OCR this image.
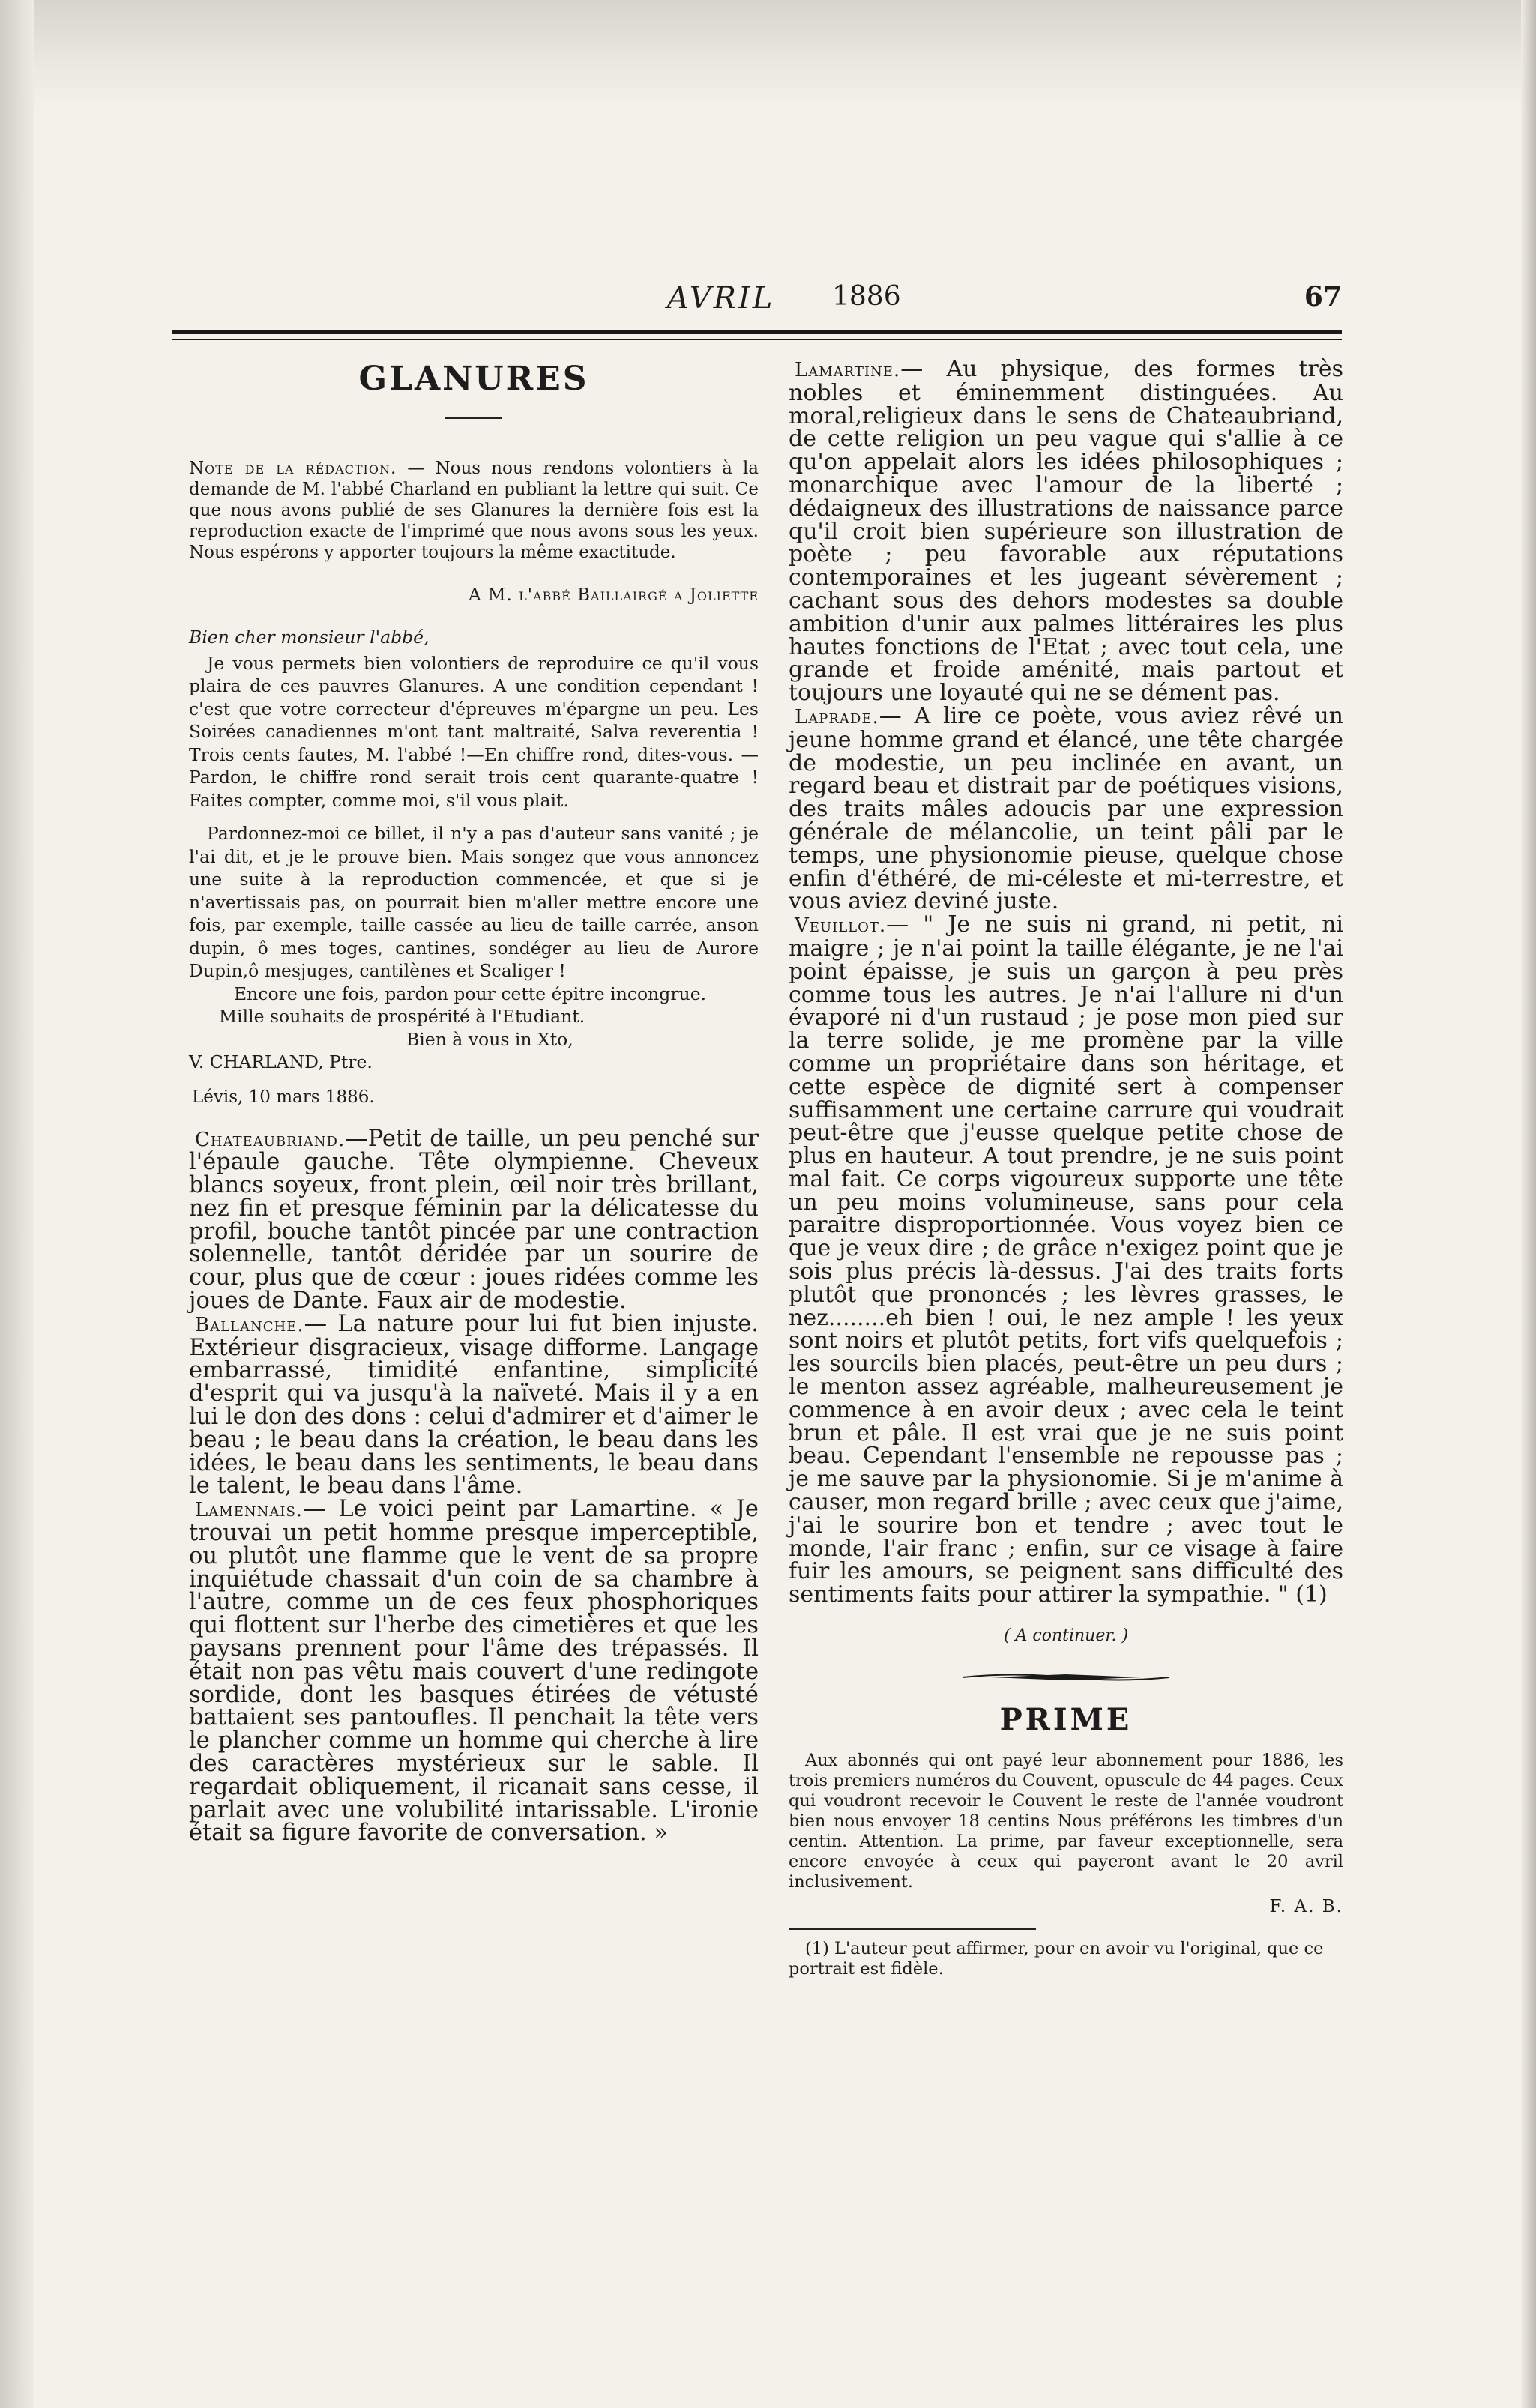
AVRIL 1886	67
GLANURES

Note de la rédaction. — Nous nous rendons volontiers à la demande de M. l'abbé Charland en publiant la lettre qui suit. Ce que nous avons publié de ses Glanures la dernière fois est la reproduction exacte de l'imprimé que nous avons sous les yeux. Nous espérons y apporter toujours la même exactitude.

A M. l'abbé Baillairgé a Joliette

Bien cher monsieur l'abbé,

Je vous permets bien volontiers de reproduire ce qu'il vous plaira de ces pauvres Glanures. A une condition cependant ! c'est que votre correcteur d'épreuves m'épargne un peu. Les Soirées canadiennes m'ont tant maltraité, Salva reverentia ! Trois cents fautes, M. l'abbé !—En chiffre rond, dites-vous. — Pardon, le chiffre rond serait trois cent quarante-quatre ! Faites compter, comme moi, s'il vous plait.

Pardonnez-moi ce billet, il n'y a pas d'auteur sans vanité ; je l'ai dit, et je le prouve bien. Mais songez que vous annoncez une suite à la reproduction commencée, et que si je n'avertissais pas, on pourrait bien m'aller mettre encore une fois, par exemple, taille cassée au lieu de taille carrée, anson dupin, ô mes toges, cantines, sondéger au lieu de Aurore Dupin,ô mesjuges, cantilènes et Scaliger !

Encore une fois, pardon pour cette épitre incongrue.

Mille souhaits de prospérité à l'Etudiant.

Bien à vous in Xto,

V. CHARLAND, Ptre.

Lévis, 10 mars 1886.

Chateaubriand.—Petit de taille, un peu penché sur l'épaule gauche. Tête olympienne. Cheveux blancs soyeux, front plein, œil noir très brillant, nez fin et presque féminin par la délicatesse du profil, bouche tantôt pincée par une contraction solennelle, tantôt déridée par un sourire de cour, plus que de cœur : joues ridées comme les joues de Dante. Faux air de modestie.

Ballanche.— La nature pour lui fut bien injuste. Extérieur disgracieux, visage difforme. Langage embarrassé, timidité enfantine, simplicité d'esprit qui va jusqu'à la naïveté. Mais il y a en lui le don des dons : celui d'admirer et d'aimer le beau ; le beau dans la création, le beau dans les idées, le beau dans les sentiments, le beau dans le talent, le beau dans l'âme.

Lamennais.— Le voici peint par Lamartine. « Je trouvai un petit homme presque imperceptible, ou plutôt une flamme que le vent de sa propre inquiétude chassait d'un coin de sa chambre à l'autre, comme un de ces feux phosphoriques qui flottent sur l'herbe des cimetières et que les paysans prennent pour l'âme des trépassés. Il était non pas vêtu mais couvert d'une redingote sordide, dont les basques étirées de vétusté battaient ses pantoufles. Il penchait la tête vers le plancher comme un homme qui cherche à lire des caractères mystérieux sur le sable. Il regardait obliquement, il ricanait sans cesse, il parlait avec une volubilité intarissable. L'ironie était sa figure favorite de conversation. »

Lamartine.— Au physique, des formes très nobles et éminemment distinguées. Au moral,religieux dans le sens de Chateaubriand, de cette religion un peu vague qui s'allie à ce qu'on appelait alors les idées philosophiques ; monarchique avec l'amour de la liberté ; dédaigneux des illustrations de naissance parce qu'il croit bien supérieure son illustration de poète ; peu favorable aux réputations contemporaines et les jugeant sévèrement ; cachant sous des dehors modestes sa double ambition d'unir aux palmes littéraires les plus hautes fonctions de l'Etat ; avec tout cela, une grande et froide aménité, mais partout et toujours une loyauté qui ne se dément pas.

Laprade.— A lire ce poète, vous aviez rêvé un jeune homme grand et élancé, une tête chargée de modestie, un peu inclinée en avant, un regard beau et distrait par de poétiques visions, des traits mâles adoucis par une expression générale de mélancolie, un teint pâli par le temps, une physionomie pieuse, quelque chose enfin d'éthéré, de mi-céleste et mi-terrestre, et vous aviez deviné juste.

Veuillot.— " Je ne suis ni grand, ni petit, ni maigre ; je n'ai point la taille élégante, je ne l'ai point épaisse, je suis un garçon à peu près comme tous les autres. Je n'ai l'allure ni d'un évaporé ni d'un rustaud ; je pose mon pied sur la terre solide, je me promène par la ville comme un propriétaire dans son héritage, et cette espèce de dignité sert à compenser suffisamment une certaine carrure qui voudrait peut-être que j'eusse quelque petite chose de plus en hauteur. A tout prendre, je ne suis point mal fait. Ce corps vigoureux supporte une tête un peu moins volumineuse, sans pour cela paraitre disproportionnée. Vous voyez bien ce que je veux dire ; de grâce n'exigez point que je sois plus précis là-dessus. J'ai des traits forts plutôt que prononcés ; les lèvres grasses, le nez........eh bien ! oui, le nez ample ! les yeux sont noirs et plutôt petits, fort vifs quelquefois ; les sourcils bien placés, peut-être un peu durs ; le menton assez agréable, malheureusement je commence à en avoir deux ; avec cela le teint brun et pâle. Il est vrai que je ne suis point beau. Cependant l'ensemble ne repousse pas ; je me sauve par la physionomie. Si je m'anime à causer, mon regard brille ; avec ceux que j'aime, j'ai le sourire bon et tendre ; avec tout le monde, l'air franc ; enfin, sur ce visage à faire fuir les amours, se peignent sans difficulté des sentiments faits pour attirer la sympathie. " (1)

( A continuer. )

PRIME

Aux abonnés qui ont payé leur abonnement pour 1886, les trois premiers numéros du Couvent, opuscule de 44 pages. Ceux qui voudront recevoir le Couvent le reste de l'année voudront bien nous envoyer 18 centins Nous préférons les timbres d'un centin. Attention. La prime, par faveur exceptionnelle, sera encore envoyée à ceux qui payeront avant le 20 avril inclusivement.

F. A. B.

(1) L'auteur peut affirmer, pour en avoir vu l'original, que ce portrait est fidèle.
